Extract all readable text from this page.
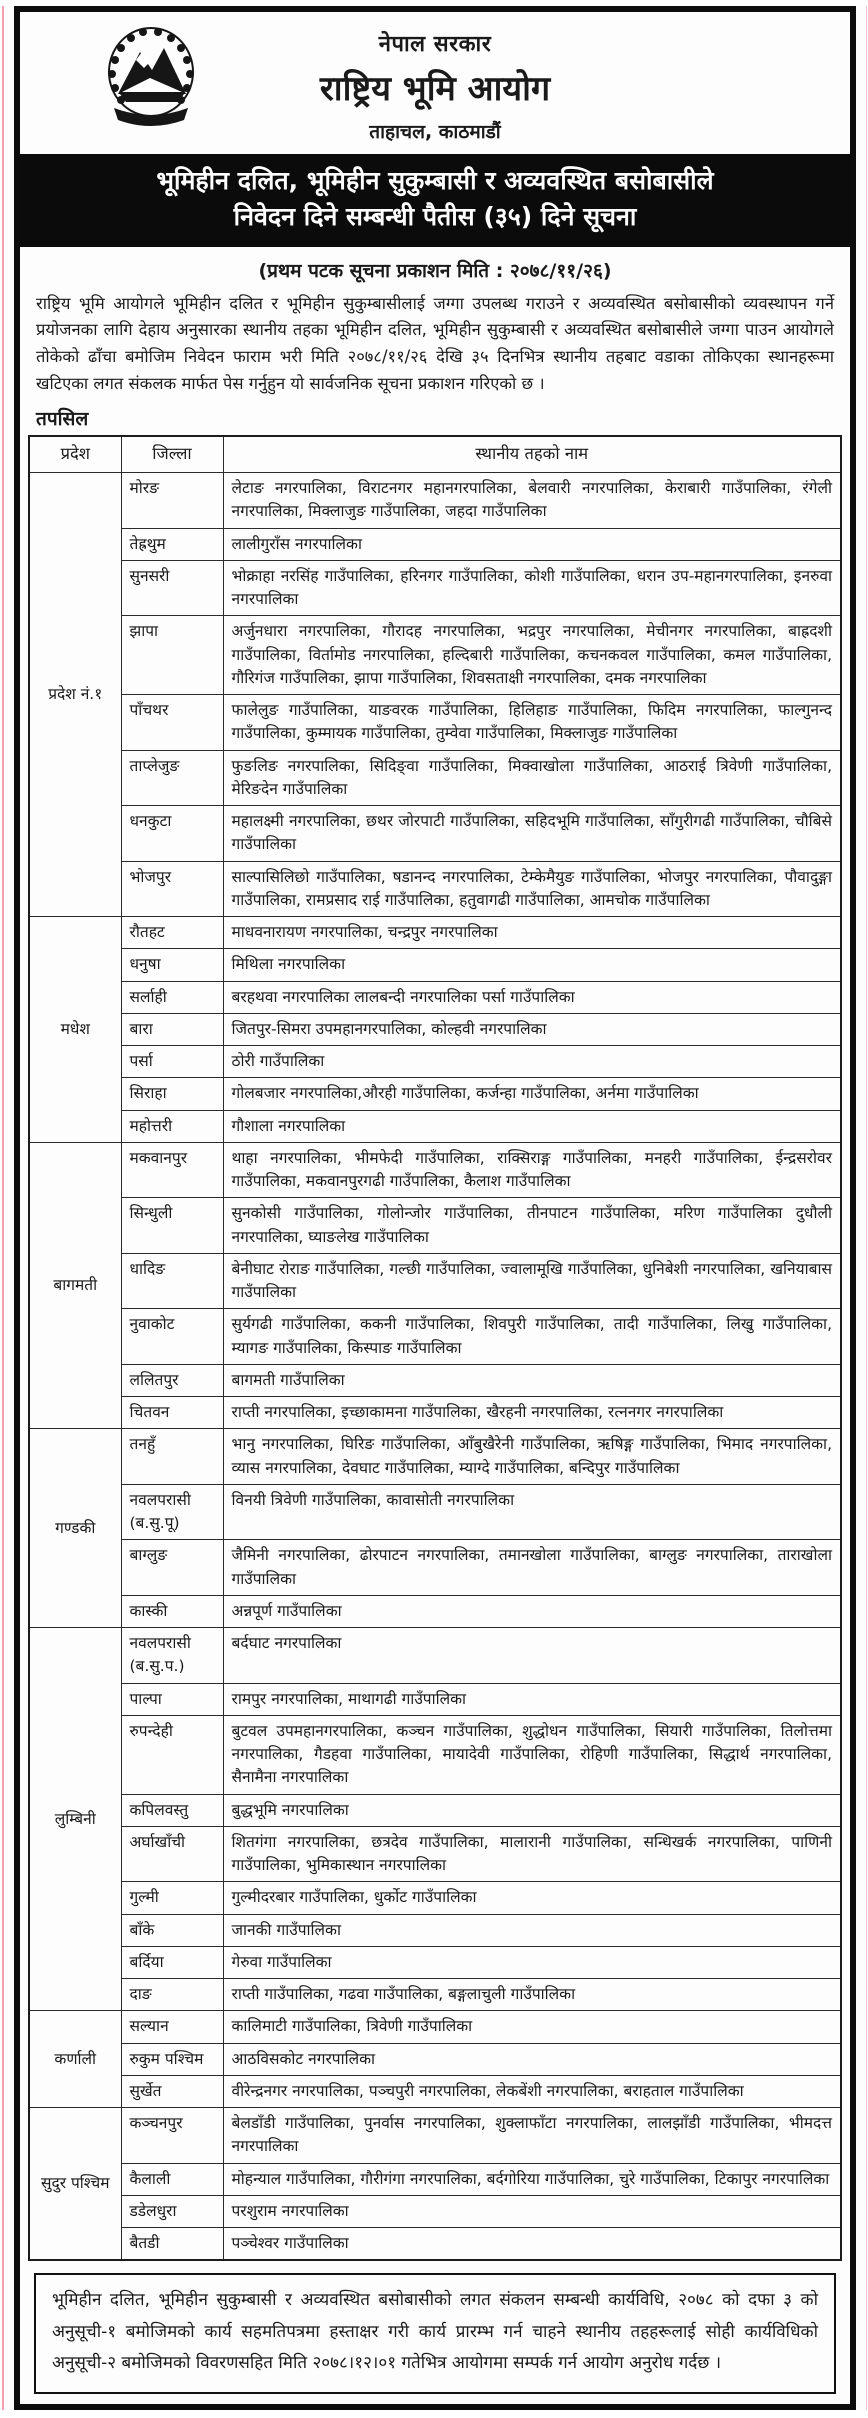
नेपाल सरकार
राष्ट्रिय भूमि आयोग
ताहाचल, काठमाडौं
भूमिहीन दलित, भूमिहीन सुकुम्बासी र अव्यवस्थित बसोबासीले
निवेदन दिने सम्बन्धी पैतीस (३५) दिने सूचना
(प्रथम पटक सूचना प्रकाशन मिति : २०७८/११/२६)
राष्ट्रिय भूमि आयोगले भूमिहीन दलित र भूमिहीन सुकुम्बासीलाई जग्गा उपलब्ध गराउने र अव्यवस्थित बसोबासीको व्यवस्थापन गर्ने प्रयोजनका लागि देहाय अनुसारका स्थानीय तहका भूमिहीन दलित, भूमिहीन सुकुम्बासी र अव्यवस्थित बसोबासीले जग्गा पाउन आयोगले तोकेको ढाँचा बमोजिम निवेदन फाराम भरी मिति २०७८/११/२६ देखि ३५ दिनभित्र स्थानीय तहबाट वडाका तोकिएका स्थानहरूमा खटिएका लगत संकलक मार्फत पेस गर्नुहुन यो सार्वजनिक सूचना प्रकाशन गरिएको छ ।
तपसिल
प्रदेश	जिल्ला	स्थानीय तहको नाम
प्रदेश नं.१	मोरङ	लेटाङ नगरपालिका, विराटनगर महानगरपालिका, बेलवारी नगरपालिका, केराबारी गाउँपालिका, रंगेली नगरपालिका, मिक्लाजुङ गाउँपालिका, जहदा गाउँपालिका
	तेह्रथुम	लालीगुराँस नगरपालिका
	सुनसरी	भोक्राहा नरसिंह गाउँपालिका, हरिनगर गाउँपालिका, कोशी गाउँपालिका, धरान उप-महानगरपालिका, इनरुवा नगरपालिका
	झापा	अर्जुनधारा नगरपालिका, गौरादह नगरपालिका, भद्रपुर नगरपालिका, मेचीनगर नगरपालिका, बाह्रदशी गाउँपालिका, विर्तामोड नगरपालिका, हल्दिबारी गाउँपालिका, कचनकवल गाउँपालिका, कमल गाउँपालिका, गौरिगंज गाउँपालिका, झापा गाउँपालिका, शिवसताक्षी नगरपालिका, दमक नगरपालिका
	पाँचथर	फालेलुङ गाउँपालिका, याङवरक गाउँपालिका, हिलिहाङ गाउँपालिका, फिदिम नगरपालिका, फाल्गुनन्द गाउँपालिका, कुम्मायक गाउँपालिका, तुम्वेवा गाउँपालिका, मिक्लाजुङ गाउँपालिका
	ताप्लेजुङ	फुङलिङ नगरपालिका, सिदिङ्वा गाउँपालिका, मिक्वाखोला गाउँपालिका, आठराई त्रिवेणी गाउँपालिका, मेरिङदेन गाउँपालिका
	धनकुटा	महालक्ष्मी नगरपालिका, छथर जोरपाटी गाउँपालिका, सहिदभूमि गाउँपालिका, साँगुरीगढी गाउँपालिका, चौबिसे गाउँपालिका
	भोजपुर	साल्पासिलिछो गाउँपालिका, षडानन्द नगरपालिका, टेम्केमैयुङ गाउँपालिका, भोजपुर नगरपालिका, पौवादुङ्गा गाउँपालिका, रामप्रसाद राई गाउँपालिका, हतुवागढी गाउँपालिका, आमचोक गाउँपालिका
मधेश	रौतहट	माधवनारायण नगरपालिका, चन्द्रपुर नगरपालिका
	धनुषा	मिथिला नगरपालिका
	सर्लाही	बरहथवा नगरपालिका लालबन्दी नगरपालिका पर्सा गाउँपालिका
	बारा	जितपुर-सिमरा उपमहानगरपालिका, कोल्हवी नगरपालिका
	पर्सा	ठोरी गाउँपालिका
	सिराहा	गोलबजार नगरपालिका,औरही गाउँपालिका, कर्जन्हा गाउँपालिका, अर्नमा गाउँपालिका
	महोत्तरी	गौशाला नगरपालिका
बागमती	मकवानपुर	थाहा नगरपालिका, भीमफेदी गाउँपालिका, राक्सिराङ्ग गाउँपालिका, मनहरी गाउँपालिका, ईन्द्रसरोवर गाउँपालिका, मकवानपुरगढी गाउँपालिका, कैलाश गाउँपालिका
	सिन्धुली	सुनकोसी गाउँपालिका, गोलोन्जोर गाउँपालिका, तीनपाटन गाउँपालिका, मरिण गाउँपालिका दुधौली नगरपालिका, घ्याङलेख गाउँपालिका
	धादिङ	बेनीघाट रोराङ गाउँपालिका, गल्छी गाउँपालिका, ज्वालामूखि गाउँपालिका, धुनिबेशी नगरपालिका, खनियाबास गाउँपालिका
	नुवाकोट	सुर्यगढी गाउँपालिका, ककनी गाउँपालिका, शिवपुरी गाउँपालिका, तादी गाउँपालिका, लिखु गाउँपालिका, म्यागङ गाउँपालिका, किस्पाङ गाउँपालिका
	ललितपुर	बागमती गाउँपालिका
	चितवन	राप्ती नगरपालिका, इच्छाकामना गाउँपालिका, खैरहनी नगरपालिका, रत्ननगर नगरपालिका
गण्डकी	तनहुँ	भानु नगरपालिका, घिरिङ गाउँपालिका, आँबुखैरेनी गाउँपालिका, ऋषिङ्ग गाउँपालिका, भिमाद नगरपालिका, व्यास नगरपालिका, देवघाट गाउँपालिका, म्याग्दे गाउँपालिका, बन्दिपुर गाउँपालिका
	नवलपरासी (ब.सु.पू)	विनयी त्रिवेणी गाउँपालिका, कावासोती नगरपालिका
	बाग्लुङ	जैमिनी नगरपालिका, ढोरपाटन नगरपालिका, तमानखोला गाउँपालिका, बाग्लुङ नगरपालिका, ताराखोला गाउँपालिका
	कास्की	अन्नपूर्ण गाउँपालिका
लुम्बिनी	नवलपरासी (ब.सु.प.)	बर्दघाट नगरपालिका
	पाल्पा	रामपुर नगरपालिका, माथागढी गाउँपालिका
	रुपन्देही	बुटवल उपमहानगरपालिका, कञ्चन गाउँपालिका, शुद्धोधन गाउँपालिका, सियारी गाउँपालिका, तिलोत्तमा नगरपालिका, गैडहवा गाउँपालिका, मायादेवी गाउँपालिका, रोहिणी गाउँपालिका, सिद्धार्थ नगरपालिका, सैनामैना नगरपालिका
	कपिलवस्तु	बुद्धभूमि नगरपालिका
	अर्घाखाँची	शितगंगा नगरपालिका, छत्रदेव गाउँपालिका, मालारानी गाउँपालिका, सन्धिखर्क नगरपालिका, पाणिनी गाउँपालिका, भुमिकास्थान नगरपालिका
	गुल्मी	गुल्मीदरबार गाउँपालिका, धुर्कोट गाउँपालिका
	बाँके	जानकी गाउँपालिका
	बर्दिया	गेरुवा गाउँपालिका
	दाङ	राप्ती गाउँपालिका, गढवा गाउँपालिका, बङ्गलाचुली गाउँपालिका
कर्णाली	सल्यान	कालिमाटी गाउँपालिका, त्रिवेणी गाउँपालिका
	रुकुम पश्चिम	आठविसकोट नगरपालिका
	सुर्खेत	वीरेन्द्रनगर नगरपालिका, पञ्चपुरी नगरपालिका, लेकबेंशी नगरपालिका, बराहताल गाउँपालिका
सुदुर पश्चिम	कञ्चनपुर	बेलडाँडी गाउँपालिका, पुनर्वास नगरपालिका, शुक्लाफाँटा नगरपालिका, लालझाँडी गाउँपालिका, भीमदत्त नगरपालिका
	कैलाली	मोहन्याल गाउँपालिका, गौरीगंगा नगरपालिका, बर्दगोरिया गाउँपालिका, चुरे गाउँपालिका, टिकापुर नगरपालिका
	डडेलधुरा	परशुराम नगरपालिका
	बैतडी	पञ्चेश्वर गाउँपालिका
भूमिहीन दलित, भूमिहीन सुकुम्बासी र अव्यवस्थित बसोबासीको लगत संकलन सम्बन्धी कार्यविधि, २०७८ को दफा ३ को अनुसूची-१ बमोजिमको कार्य सहमतिपत्रमा हस्ताक्षर गरी कार्य प्रारम्भ गर्न चाहने स्थानीय तहहरूलाई सोही कार्यविधिको अनुसूची-२ बमोजिमको विवरणसहित मिति २०७८।१२।०१ गतेभित्र आयोगमा सम्पर्क गर्न आयोग अनुरोध गर्दछ ।
